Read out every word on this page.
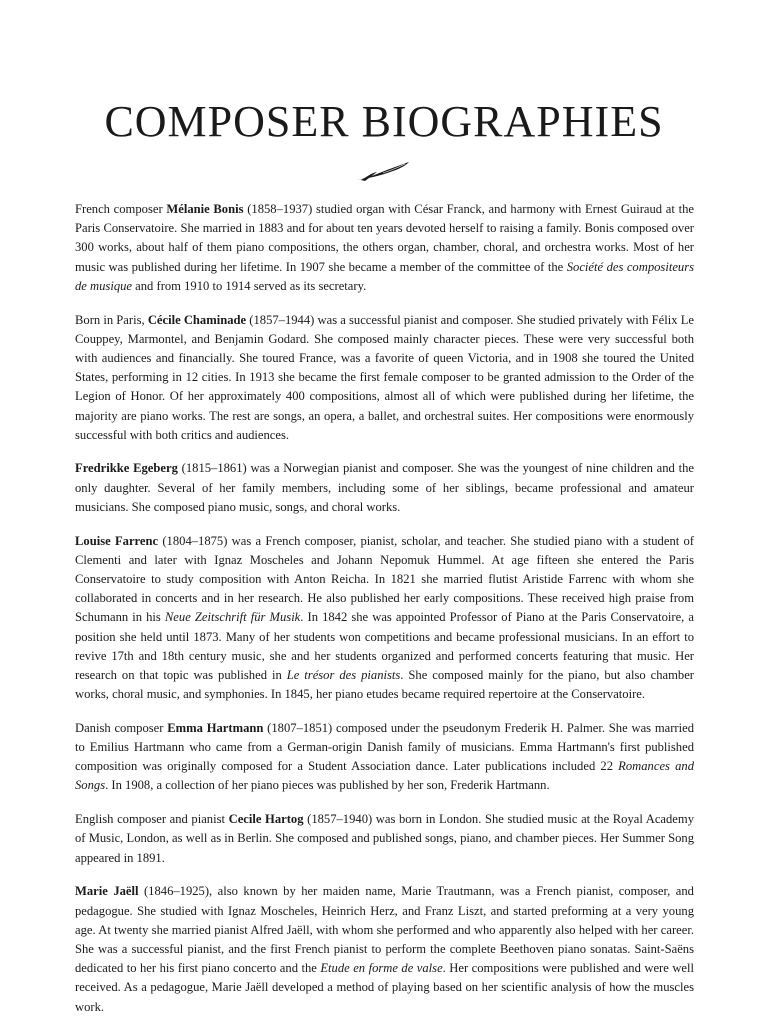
COMPOSER BIOGRAPHIES

French composer Mélanie Bonis (1858–1937) studied organ with César Franck, and harmony with Ernest Guiraud at the Paris Conservatoire. She married in 1883 and for about ten years devoted herself to raising a family. Bonis composed over 300 works, about half of them piano compositions, the others organ, chamber, choral, and orchestra works. Most of her music was published during her lifetime. In 1907 she became a member of the committee of the Société des compositeurs de musique and from 1910 to 1914 served as its secretary.

Born in Paris, Cécile Chaminade (1857–1944) was a successful pianist and composer. She studied privately with Félix Le Couppey, Marmontel, and Benjamin Godard. She composed mainly character pieces. These were very successful both with audiences and financially. She toured France, was a favorite of queen Victoria, and in 1908 she toured the United States, performing in 12 cities. In 1913 she became the first female composer to be granted admission to the Order of the Legion of Honor. Of her approximately 400 compositions, almost all of which were published during her lifetime, the majority are piano works. The rest are songs, an opera, a ballet, and orchestral suites. Her compositions were enormously successful with both critics and audiences.

Fredrikke Egeberg (1815–1861) was a Norwegian pianist and composer. She was the youngest of nine children and the only daughter. Several of her family members, including some of her siblings, became professional and amateur musicians. She composed piano music, songs, and choral works.

Louise Farrenc (1804–1875) was a French composer, pianist, scholar, and teacher. She studied piano with a student of Clementi and later with Ignaz Moscheles and Johann Nepomuk Hummel. At age fifteen she entered the Paris Conservatoire to study composition with Anton Reicha. In 1821 she married flutist Aristide Farrenc with whom she collaborated in concerts and in her research. He also published her early compositions. These received high praise from Schumann in his Neue Zeitschrift für Musik. In 1842 she was appointed Professor of Piano at the Paris Conservatoire, a position she held until 1873. Many of her students won competitions and became professional musicians. In an effort to revive 17th and 18th century music, she and her students organized and performed concerts featuring that music. Her research on that topic was published in Le trésor des pianists. She composed mainly for the piano, but also chamber works, choral music, and symphonies. In 1845, her piano etudes became required repertoire at the Conservatoire.

Danish composer Emma Hartmann (1807–1851) composed under the pseudonym Frederik H. Palmer. She was married to Emilius Hartmann who came from a German-origin Danish family of musicians. Emma Hartmann's first published composition was originally composed for a Student Association dance. Later publications included 22 Romances and Songs. In 1908, a collection of her piano pieces was published by her son, Frederik Hartmann.

English composer and pianist Cecile Hartog (1857–1940) was born in London. She studied music at the Royal Academy of Music, London, as well as in Berlin. She composed and published songs, piano, and chamber pieces. Her Summer Song appeared in 1891.

Marie Jaëll (1846–1925), also known by her maiden name, Marie Trautmann, was a French pianist, composer, and pedagogue. She studied with Ignaz Moscheles, Heinrich Herz, and Franz Liszt, and started preforming at a very young age. At twenty she married pianist Alfred Jaëll, with whom she performed and who apparently also helped with her career. She was a successful pianist, and the first French pianist to perform the complete Beethoven piano sonatas. Saint-Saëns dedicated to her his first piano concerto and the Etude en forme de valse. Her compositions were published and were well received. As a pedagogue, Marie Jaëll developed a method of playing based on her scientific analysis of how the muscles work.
